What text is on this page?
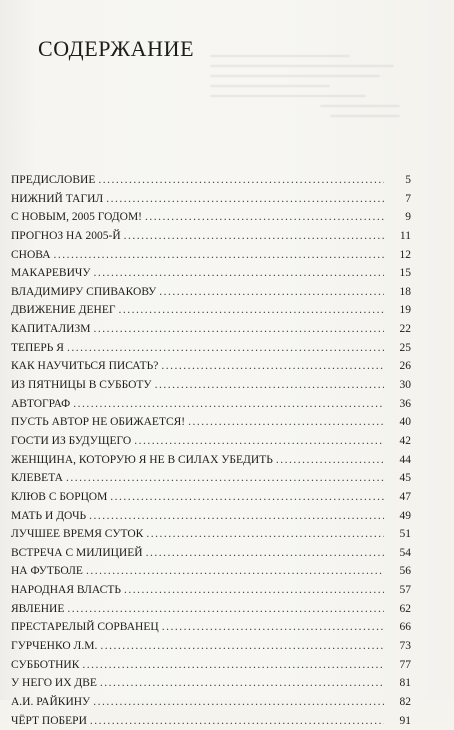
СОДЕРЖАНИЕ
ПРЕДИСЛОВИЕ .....	5
НИЖНИЙ ТАГИЛ .....	7
С НОВЫМ, 2005 ГОДОМ! .....	9
ПРОГНОЗ НА 2005-Й .....	11
СНОВА .....	12
МАКАРЕВИЧУ .....	15
ВЛАДИМИРУ СПИВАКОВУ .....	18
ДВИЖЕНИЕ ДЕНЕГ .....	19
КАПИТАЛИЗМ .....	22
ТЕПЕРЬ Я .....	25
КАК НАУЧИТЬСЯ ПИСАТЬ? .....	26
ИЗ ПЯТНИЦЫ В СУББОТУ .....	30
АВТОГРАФ .....	36
ПУСТЬ АВТОР НЕ ОБИЖАЕТСЯ! .....	40
ГОСТИ ИЗ БУДУЩЕГО .....	42
ЖЕНЩИНА, КОТОРУЮ Я НЕ В СИЛАХ УБЕДИТЬ .....	44
КЛЕВЕТА .....	45
КЛЮВ С БОРЦОМ .....	47
МАТЬ И ДОЧЬ .....	49
ЛУЧШЕЕ ВРЕМЯ СУТОК .....	51
ВСТРЕЧА С МИЛИЦИЕЙ .....	54
НА ФУТБОЛЕ .....	56
НАРОДНАЯ ВЛАСТЬ .....	57
ЯВЛЕНИЕ .....	62
ПРЕСТАРЕЛЫЙ СОРВАНЕЦ .....	66
ГУРЧЕНКО Л.М. .....	73
СУББОТНИК .....	77
У НЕГО ИХ ДВЕ .....	81
А.И. РАЙКИНУ .....	82
ЧЁРТ ПОБЕРИ .....	91
